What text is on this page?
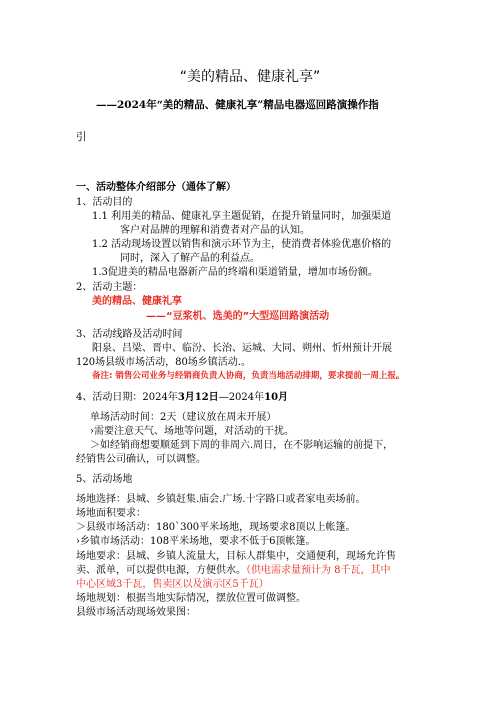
“美的精品、健康礼享”
——2024年“美的精品、健康礼享”精品电器巡回路演操作指
引
一、活动整体介绍部分（通体了解）
1、活动目的
1.1 利用美的精品、健康礼享主题促销，在提升销量同时，加强渠道
客户对品牌的理解和消费者对产品的认知。
1.2 活动现场设置以销售和演示环节为主，使消费者体验优惠价格的
同时，深入了解产品的利益点。
1.3促进美的精品电器新产品的终端和渠道销量，增加市场份额。
2、活动主题：
美的精品、健康礼享
——“豆浆机、选美的”大型巡回路演活动
3、活动线路及活动时间
阳泉、吕梁、晋中、临汾、长治、运城、大同、朔州、忻州预计开展
120场县级市场活动，80场乡镇活动.。
备注: 销售公司业务与经销商负责人协商，负责当地活动排期，要求提前一周上报。
4、活动日期：2024年3月12日—2024年10月
单场活动时间：2天（建议放在周末开展）
›需要注意天气、场地等问题，对活动的干扰。
＞如经销商想要顺延到下周的非周六.周日，在不影响运输的前提下，
经销售公司确认，可以调整。
5、活动场地
场地选择：县城、乡镇赶集.庙会.广场.十字路口或者家电卖场前。
场地面积要求：
＞县级市场活动：180`300平米场地，现场要求8顶以上帐篷。
›乡镇市场活动：108平米场地，要求不低于6顶帐篷。
场地要求：县城、乡镇人流量大，目标人群集中，交通便利，现场允许售
卖、派单，可以提供电源，方便供水。（供电需求量预计为 8千瓦，其中
中心区域3千瓦，售卖区以及演示区5千瓦）
场地规划：根据当地实际情况，摆放位置可做调整。
县级市场活动现场效果图：
